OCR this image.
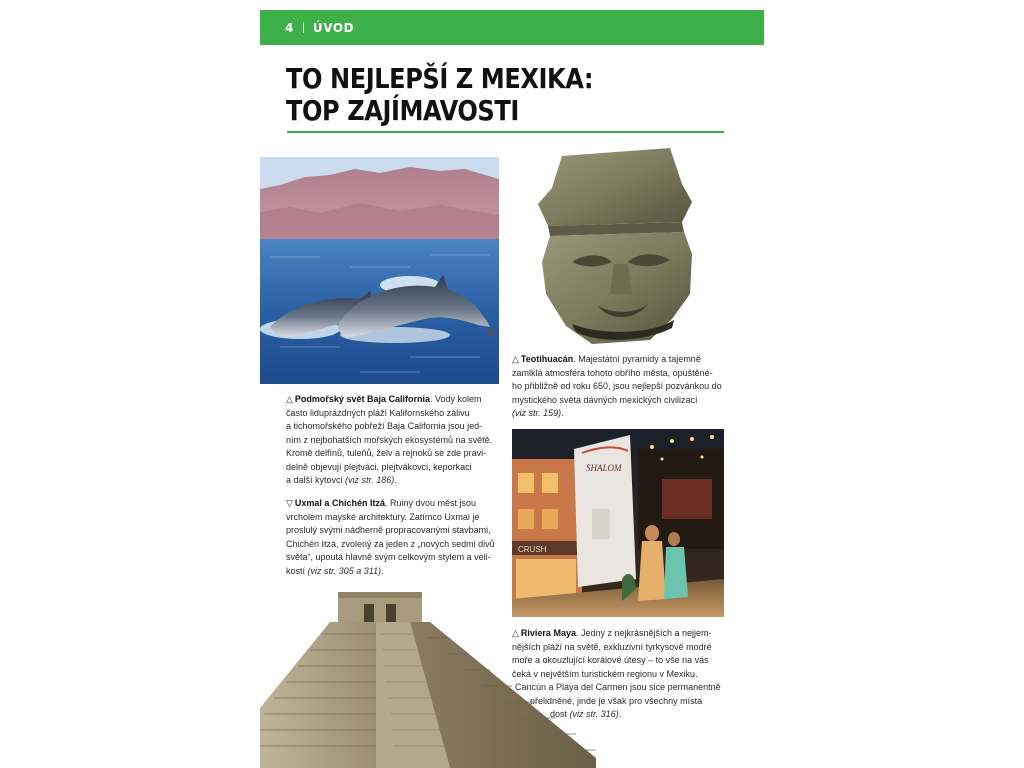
4 ÚVOD
TO NEJLEPŠÍ Z MEXIKA:
TOP ZAJÍMAVOSTI

△ Podmořský svět Baja California. Vody kolem

často liduprázdných pláží Kalifornského zálivu

a tichomořského pobřeží Baja California jsou jed-

ním z nejbohatších mořských ekosystémů na světě.

Kromě delfínů, tuleňů, želv a rejnoků se zde pravi-

delně objevují plejtváci, plejtvákovci, keporkaci

a další kytovci (viz str. 186).

▽ Uxmal a Chichén Itzá. Ruiny dvou měst jsou

vrcholem mayské architektury. Zatímco Uxmal je

proslulý svými nádherně propracovanými stavbami,

Chichén Itzá, zvolený za jeden z „nových sedmi divů

světa“, upoutá hlavně svým celkovým stylem a veli-

kostí (viz str. 305 a 311).

△ Teotihuacán. Majestátní pyramidy a tajemně

zamlklá atmosféra tohoto obřího města, opuštěné-

ho přibližně od roku 650, jsou nejlepší pozvánkou do

mystického světa dávných mexických civilizací

(viz str. 159).

CRUSH
SHALOM

△ Riviera Maya. Jedny z nejkrásnějších a nejjem-

nějších pláží na světě, exkluzivní tyrkysově modré

moře a okouzlující korálové útesy – to vše na vás

čeká v největším turistickém regionu v Mexiku.

Cancún a Playa del Carmen jsou sice permanentně

přelidněné, jinde je však pro všechny místa

dost (viz str. 316).
